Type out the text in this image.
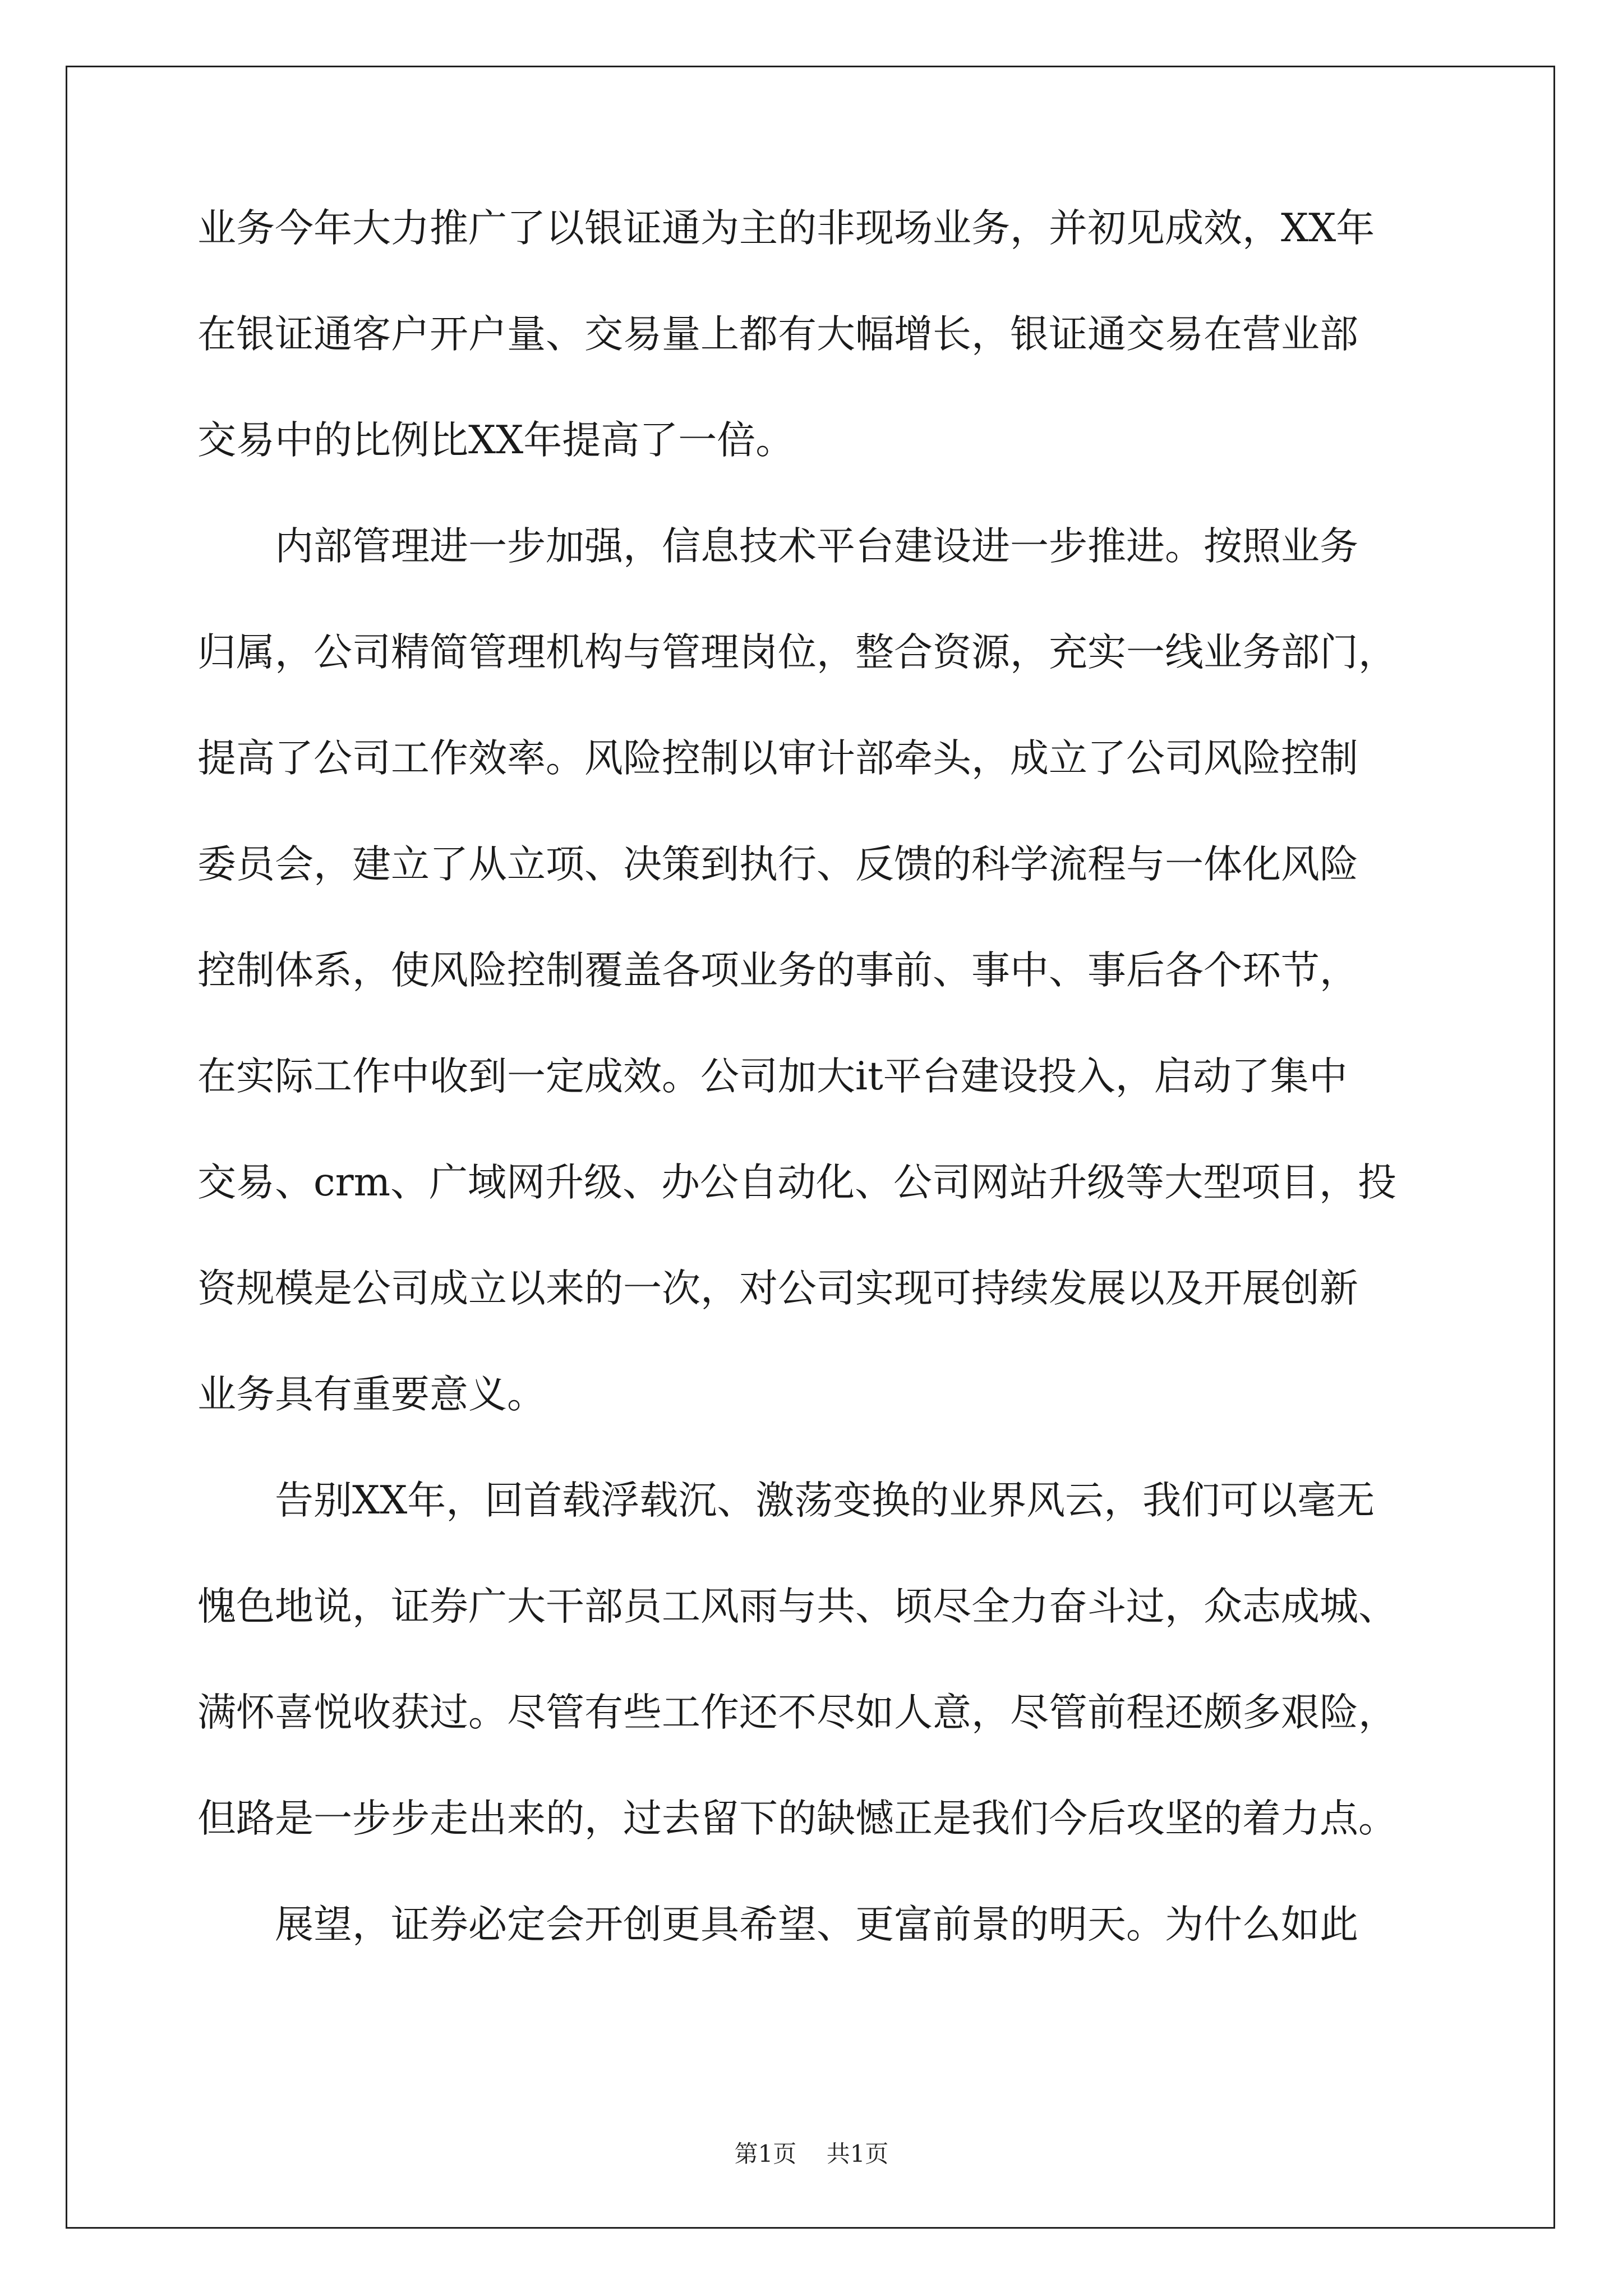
业务今年大力推广了以银证通为主的非现场业务，并初见成效，XX年
在银证通客户开户量、交易量上都有大幅增长，银证通交易在营业部
交易中的比例比XX年提高了一倍。
　　内部管理进一步加强，信息技术平台建设进一步推进。按照业务
归属，公司精简管理机构与管理岗位，整合资源，充实一线业务部门，
提高了公司工作效率。风险控制以审计部牵头，成立了公司风险控制
委员会，建立了从立项、决策到执行、反馈的科学流程与一体化风险
控制体系，使风险控制覆盖各项业务的事前、事中、事后各个环节，
在实际工作中收到一定成效。公司加大it平台建设投入，启动了集中
交易、crm、广域网升级、办公自动化、公司网站升级等大型项目，投
资规模是公司成立以来的一次，对公司实现可持续发展以及开展创新
业务具有重要意义。
　　告别XX年，回首载浮载沉、激荡变换的业界风云，我们可以毫无
愧色地说，证券广大干部员工风雨与共、顷尽全力奋斗过，众志成城、
满怀喜悦收获过。尽管有些工作还不尽如人意，尽管前程还颇多艰险，
但路是一步步走出来的，过去留下的缺憾正是我们今后攻坚的着力点。
　　展望，证券必定会开创更具希望、更富前景的明天。为什么如此
第1页 共1页
